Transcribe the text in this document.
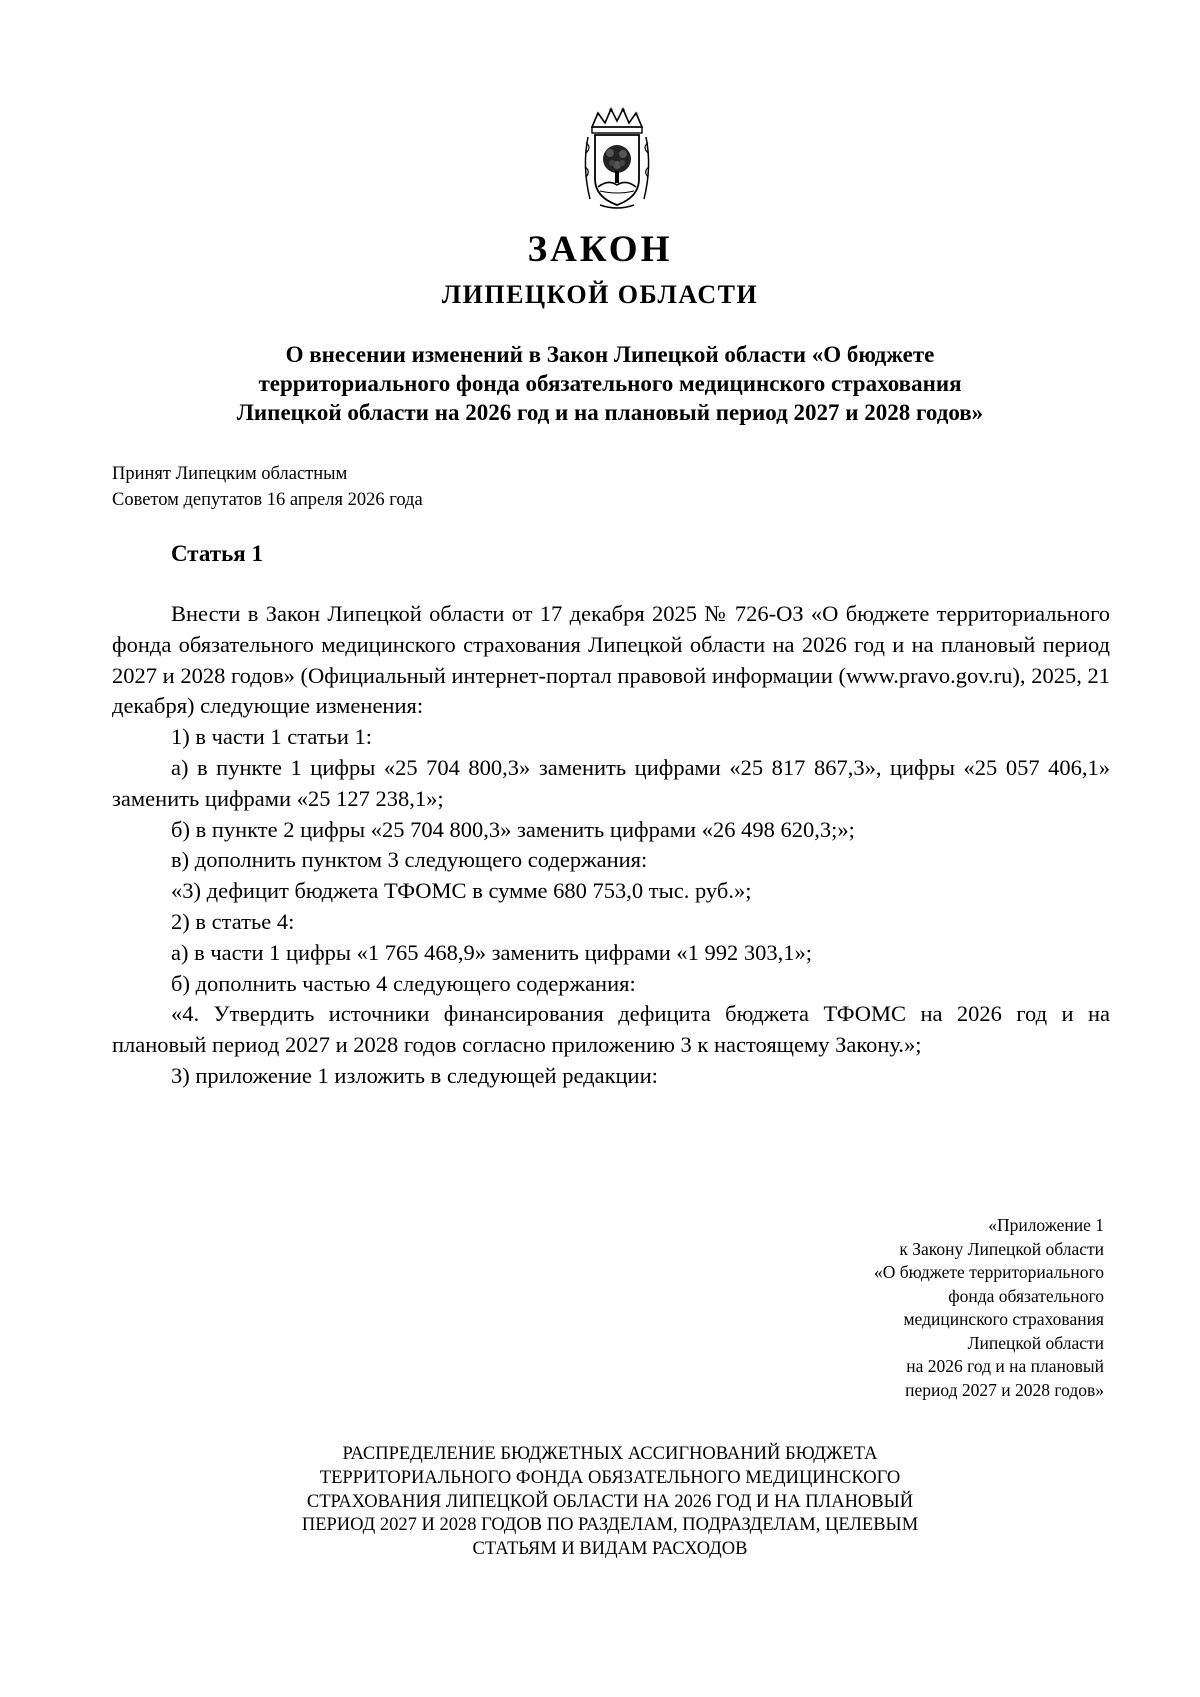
ЗАКОН
ЛИПЕЦКОЙ ОБЛАСТИ
О внесении изменений в Закон Липецкой области «О бюджете
территориального фонда обязательного медицинского страхования
Липецкой области на 2026 год и на плановый период 2027 и 2028 годов»
Принят Липецким областным
Советом депутатов 16 апреля 2026 года
Статья 1

Внести в Закон Липецкой области от 17 декабря 2025 № 726-ОЗ «О бюджете территориального фонда обязательного медицинского страхования Липецкой области на 2026 год и на плановый период 2027 и 2028 годов» (Официальный интернет-портал правовой информации (www.pravo.gov.ru), 2025, 21 декабря) следующие изменения:

1) в части 1 статьи 1:

а) в пункте 1 цифры «25 704 800,3» заменить цифрами «25 817 867,3», цифры «25 057 406,1» заменить цифрами «25 127 238,1»;

б) в пункте 2 цифры «25 704 800,3» заменить цифрами «26 498 620,3;»;

в) дополнить пунктом 3 следующего содержания:

«3) дефицит бюджета ТФОМС в сумме 680 753,0 тыс. руб.»;

2) в статье 4:

а) в части 1 цифры «1 765 468,9» заменить цифрами «1 992 303,1»;

б) дополнить частью 4 следующего содержания:

«4. Утвердить источники финансирования дефицита бюджета ТФОМС на 2026 год и на плановый период 2027 и 2028 годов согласно приложению 3 к настоящему Закону.»;

3) приложение 1 изложить в следующей редакции:

«Приложение 1
к Закону Липецкой области
«О бюджете территориального
фонда обязательного
медицинского страхования
Липецкой области
на 2026 год и на плановый
период 2027 и 2028 годов»
РАСПРЕДЕЛЕНИЕ БЮДЖЕТНЫХ АССИГНОВАНИЙ БЮДЖЕТА
ТЕРРИТОРИАЛЬНОГО ФОНДА ОБЯЗАТЕЛЬНОГО МЕДИЦИНСКОГО
СТРАХОВАНИЯ ЛИПЕЦКОЙ ОБЛАСТИ НА 2026 ГОД И НА ПЛАНОВЫЙ
ПЕРИОД 2027 И 2028 ГОДОВ ПО РАЗДЕЛАМ, ПОДРАЗДЕЛАМ, ЦЕЛЕВЫМ
СТАТЬЯМ И ВИДАМ РАСХОДОВ
